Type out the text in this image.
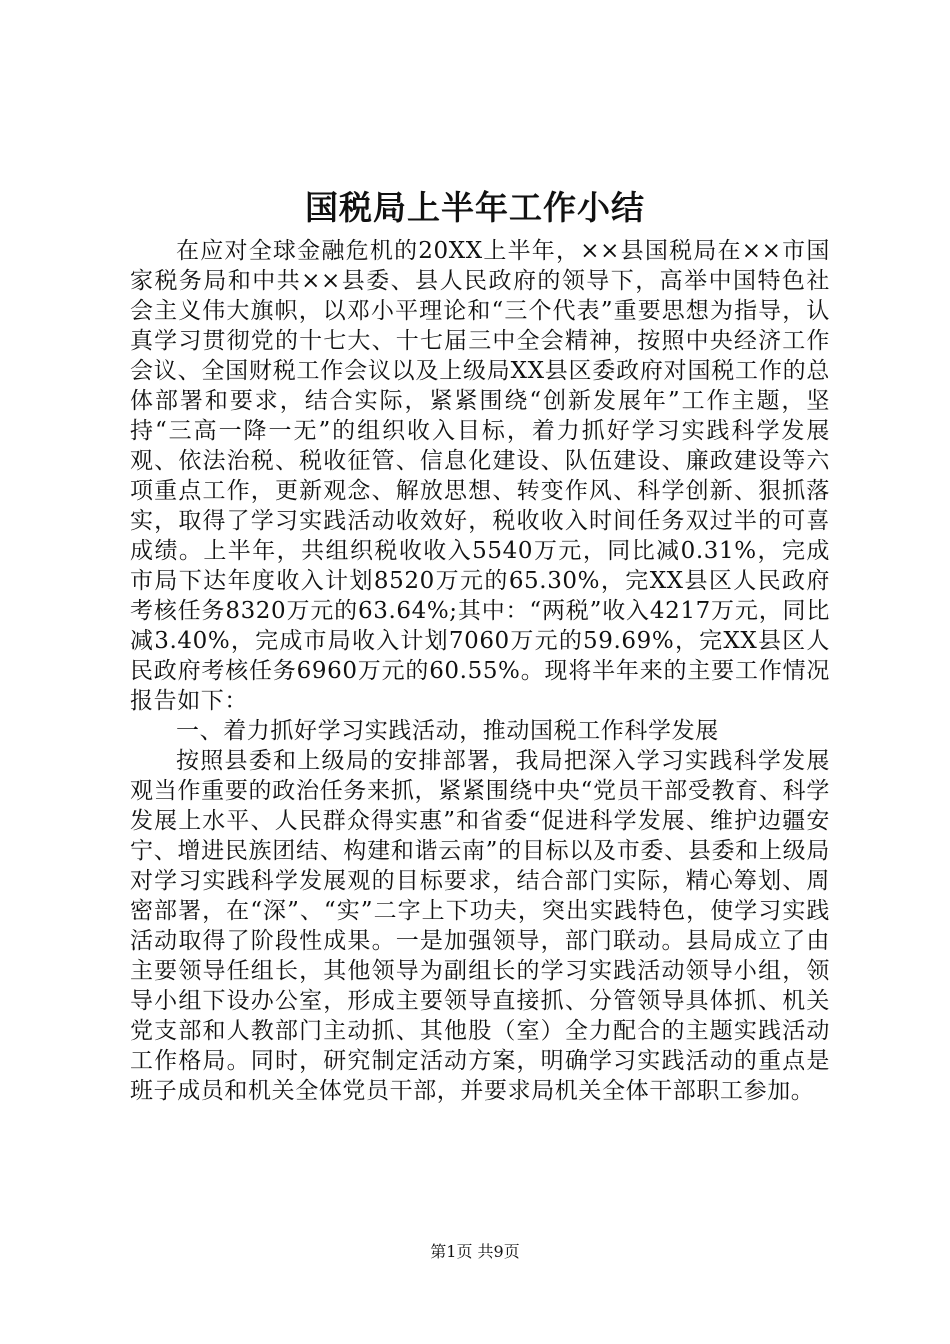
国税局上半年工作小结

在应对全球金融危机的20XX上半年，××县国税局在××市国家税务局和中共××县委、县人民政府的领导下，高举中国特色社会主义伟大旗帜，以邓小平理论和“三个代表”重要思想为指导，认真学习贯彻党的十七大、十七届三中全会精神，按照中央经济工作会议、全国财税工作会议以及上级局XX县区委政府对国税工作的总体部署和要求，结合实际，紧紧围绕“创新发展年”工作主题，坚持“三高一降一无”的组织收入目标，着力抓好学习实践科学发展观、依法治税、税收征管、信息化建设、队伍建设、廉政建设等六项重点工作，更新观念、解放思想、转变作风、科学创新、狠抓落实，取得了学习实践活动收效好，税收收入时间任务双过半的可喜成绩。上半年，共组织税收收入5540万元，同比减0.31%，完成市局下达年度收入计划8520万元的65.30%，完XX县区人民政府考核任务8320万元的63.64%;其中：“两税”收入4217万元，同比减3.40%，完成市局收入计划7060万元的59.69%，完XX县区人民政府考核任务6960万元的60.55%。现将半年来的主要工作情况报告如下：

一、着力抓好学习实践活动，推动国税工作科学发展

按照县委和上级局的安排部署，我局把深入学习实践科学发展观当作重要的政治任务来抓，紧紧围绕中央“党员干部受教育、科学发展上水平、人民群众得实惠”和省委“促进科学发展、维护边疆安宁、增进民族团结、构建和谐云南”的目标以及市委、县委和上级局对学习实践科学发展观的目标要求，结合部门实际，精心筹划、周密部署，在“深”、“实”二字上下功夫，突出实践特色，使学习实践活动取得了阶段性成果。一是加强领导，部门联动。县局成立了由主要领导任组长，其他领导为副组长的学习实践活动领导小组，领导小组下设办公室，形成主要领导直接抓、分管领导具体抓、机关党支部和人教部门主动抓、其他股（室）全力配合的主题实践活动工作格局。同时，研究制定活动方案，明确学习实践活动的重点是班子成员和机关全体党员干部，并要求局机关全体干部职工参加。

第1页 共9页
